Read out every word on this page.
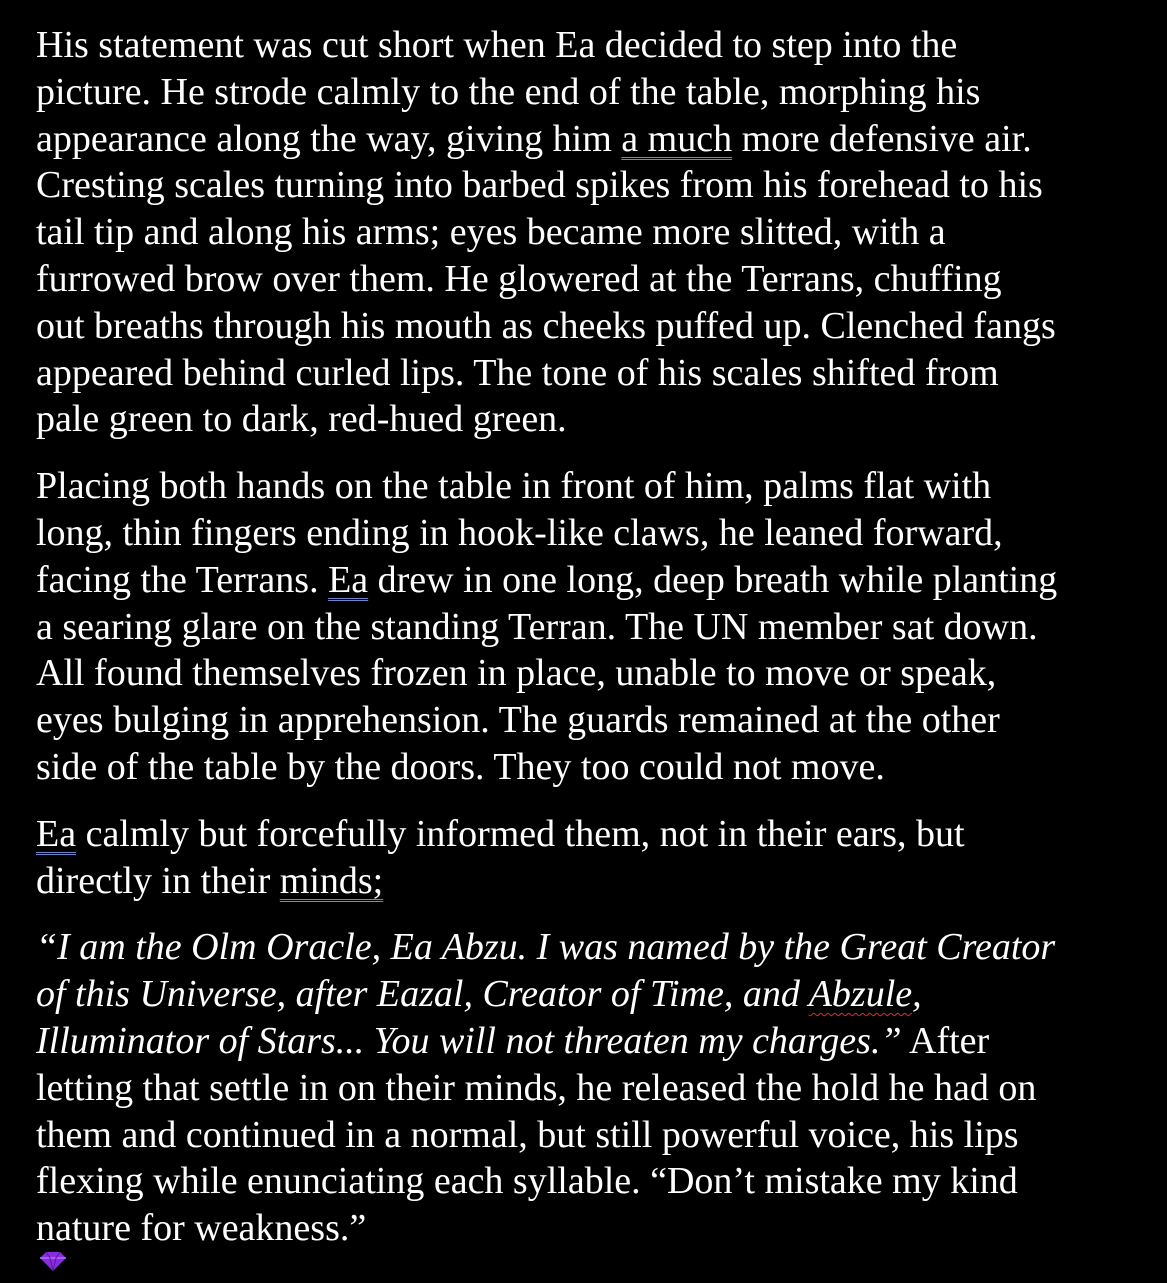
His statement was cut short when Ea decided to step into the
picture. He strode calmly to the end of the table, morphing his
appearance along the way, giving him a much more defensive air.
Cresting scales turning into barbed spikes from his forehead to his
tail tip and along his arms; eyes became more slitted, with a
furrowed brow over them. He glowered at the Terrans, chuffing
out breaths through his mouth as cheeks puffed up. Clenched fangs
appeared behind curled lips. The tone of his scales shifted from
pale green to dark, red-hued green.

Placing both hands on the table in front of him, palms flat with
long, thin fingers ending in hook-like claws, he leaned forward,
facing the Terrans. Ea drew in one long, deep breath while planting
a searing glare on the standing Terran. The UN member sat down.
All found themselves frozen in place, unable to move or speak,
eyes bulging in apprehension. The guards remained at the other
side of the table by the doors. They too could not move.

Ea calmly but forcefully informed them, not in their ears, but
directly in their minds;

“I am the Olm Oracle, Ea Abzu. I was named by the Great Creator
of this Universe, after Eazal, Creator of Time, and Abzule,
Illuminator of Stars... You will not threaten my charges.” After
letting that settle in on their minds, he released the hold he had on
them and continued in a normal, but still powerful voice, his lips
flexing while enunciating each syllable. “Don’t mistake my kind
nature for weakness.”
